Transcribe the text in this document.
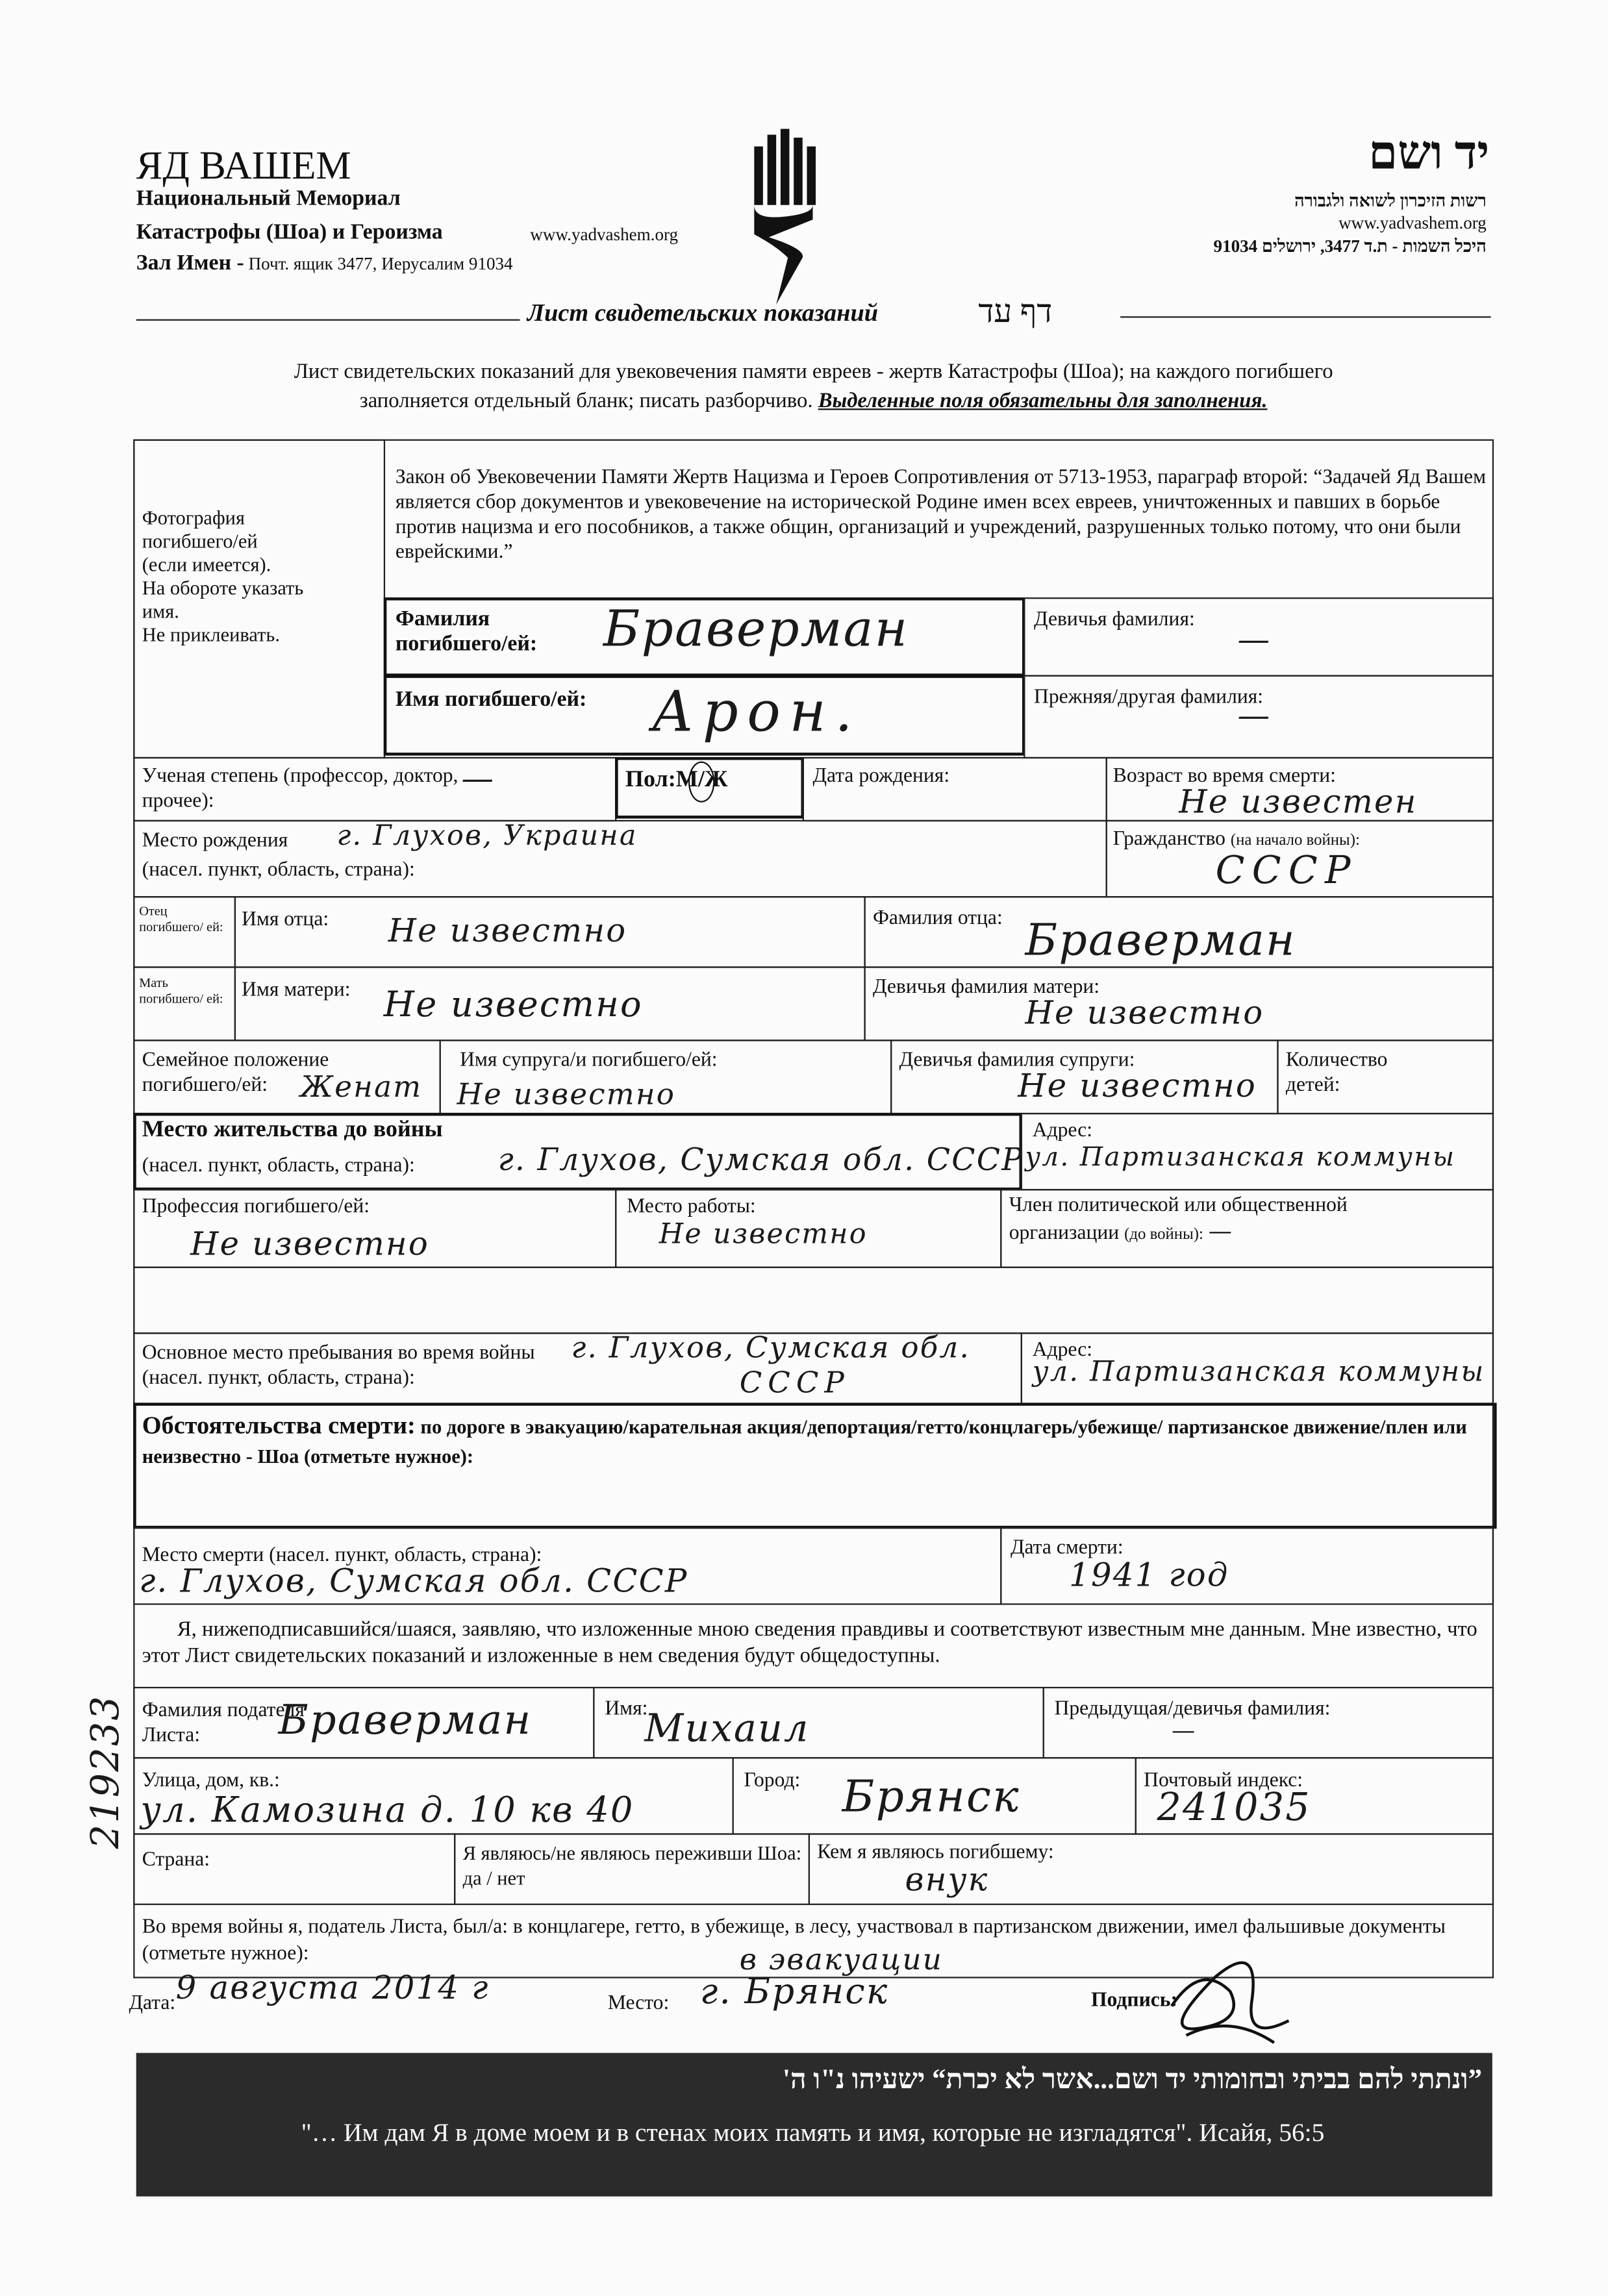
ЯД ВАШЕМ
Национальный Мемориал
Катастрофы (Шоа) и Героизма	www.yadvashem.org
Зал Имен - Почт. ящик 3477, Иерусалим 91034
יד ושם
רשות הזיכרון לשואה ולגבורה
www.yadvashem.org
היכל השמות - ת.ד 3477, ירושלים 91034
Лист свидетельских показаний	דף עד
Лист свидетельских показаний для увековечения памяти евреев - жертв Катастрофы (Шоа); на каждого погибшего
заполняется отдельный бланк; писать разборчиво. Выделенные поля обязательны для заполнения.
Фотография
погибшего/ей
(если имеется).
На обороте указать
имя.
Не приклеивать.
Закон об Увековечении Памяти Жертв Нацизма и Героев Сопротивления от 5713-1953, параграф второй: “Задачей Яд Вашем является сбор документов и увековечение на исторической Родине имен всех евреев, уничтоженных и павших в борьбе против нацизма и его пособников, а также общин, организаций и учреждений, разрушенных только потому, что они были еврейскими.”
Фамилия погибшего/ей:	Браверман
Имя погибшего/ей:	Арон.
Девичья фамилия:
—
Прежняя/другая фамилия:
—
Ученая степень (профессор, доктор, прочее):
—	Пол:М/Ж	Дата рождения:	Возраст во время смерти:
Не известен
Место рождения
(насел. пункт, область, страна):
г. Глухов, Украина	Гражданство (на начало войны):
СССР
Отец погибшего/ ей:	Имя отца:	Не известно	Фамилия отца: Браверман
Мать погибшего/ ей:	Имя матери: Не известно	Девичья фамилия матери:
Не известно
Семейное положение погибшего/ей:	Женат
Имя супруга/и погибшего/ей:
Не известно
Девичья фамилия супруги:
Не известно
Количество детей:
Место жительства до войны
(насел. пункт, область, страна):	г. Глухов, Сумская обл. СССР
Адрес:
ул. Партизанская коммуны
Профессия погибшего/ей:
Не известно
Место работы:
Не известно
Член политической или общественной
организации (до войны): —
Основное место пребывания во время войны (насел. пункт, область, страна):
г. Глухов, Сумская обл.
СССР
Адрес:
ул. Партизанская коммуны
Обстоятельства смерти: по дороге в эвакуацию/карательная акция/депортация/гетто/концлагерь/убежище/ партизанское движение/плен или неизвестно - Шоа (отметьте нужное):
Место смерти (насел. пункт, область, страна):
г. Глухов, Сумская обл. СССР
Дата смерти:
1941 год
Я, нижеподписавшийся/шаяся, заявляю, что изложенные мною сведения правдивы и соответствуют известным мне данным. Мне известно, что этот Лист свидетельских показаний и изложенные в нем сведения будут общедоступны.
Фамилия подателя Листа:	Браверман	Имя:
Михаил	Предыдущая/девичья фамилия:
—
Улица, дом, кв.:
ул. Камозина д. 10 кв 40
Город: Брянск	Почтовый индекс:
241035
Страна:	Я являюсь/не являюсь переживши Шоа: да / нет
Кем я являюсь погибшему:
внук
Во время войны я, податель Листа, был/а: в концлагере, гетто, в убежище, в лесу, участвовал в партизанском движении, имел фальшивые документы (отметьте нужное):	в эвакуации
Дата: 9 августа 2014 г	Место: г. Брянск	Подпись:
”ונתתי להם בביתי ובחומותי יד ושם...אשר לא יכרת“ ישעיהו נ"ו ה'
"… Им дам Я в доме моем и в стенах моих память и имя, которые не изгладятся". Исайя, 56:5
219233
